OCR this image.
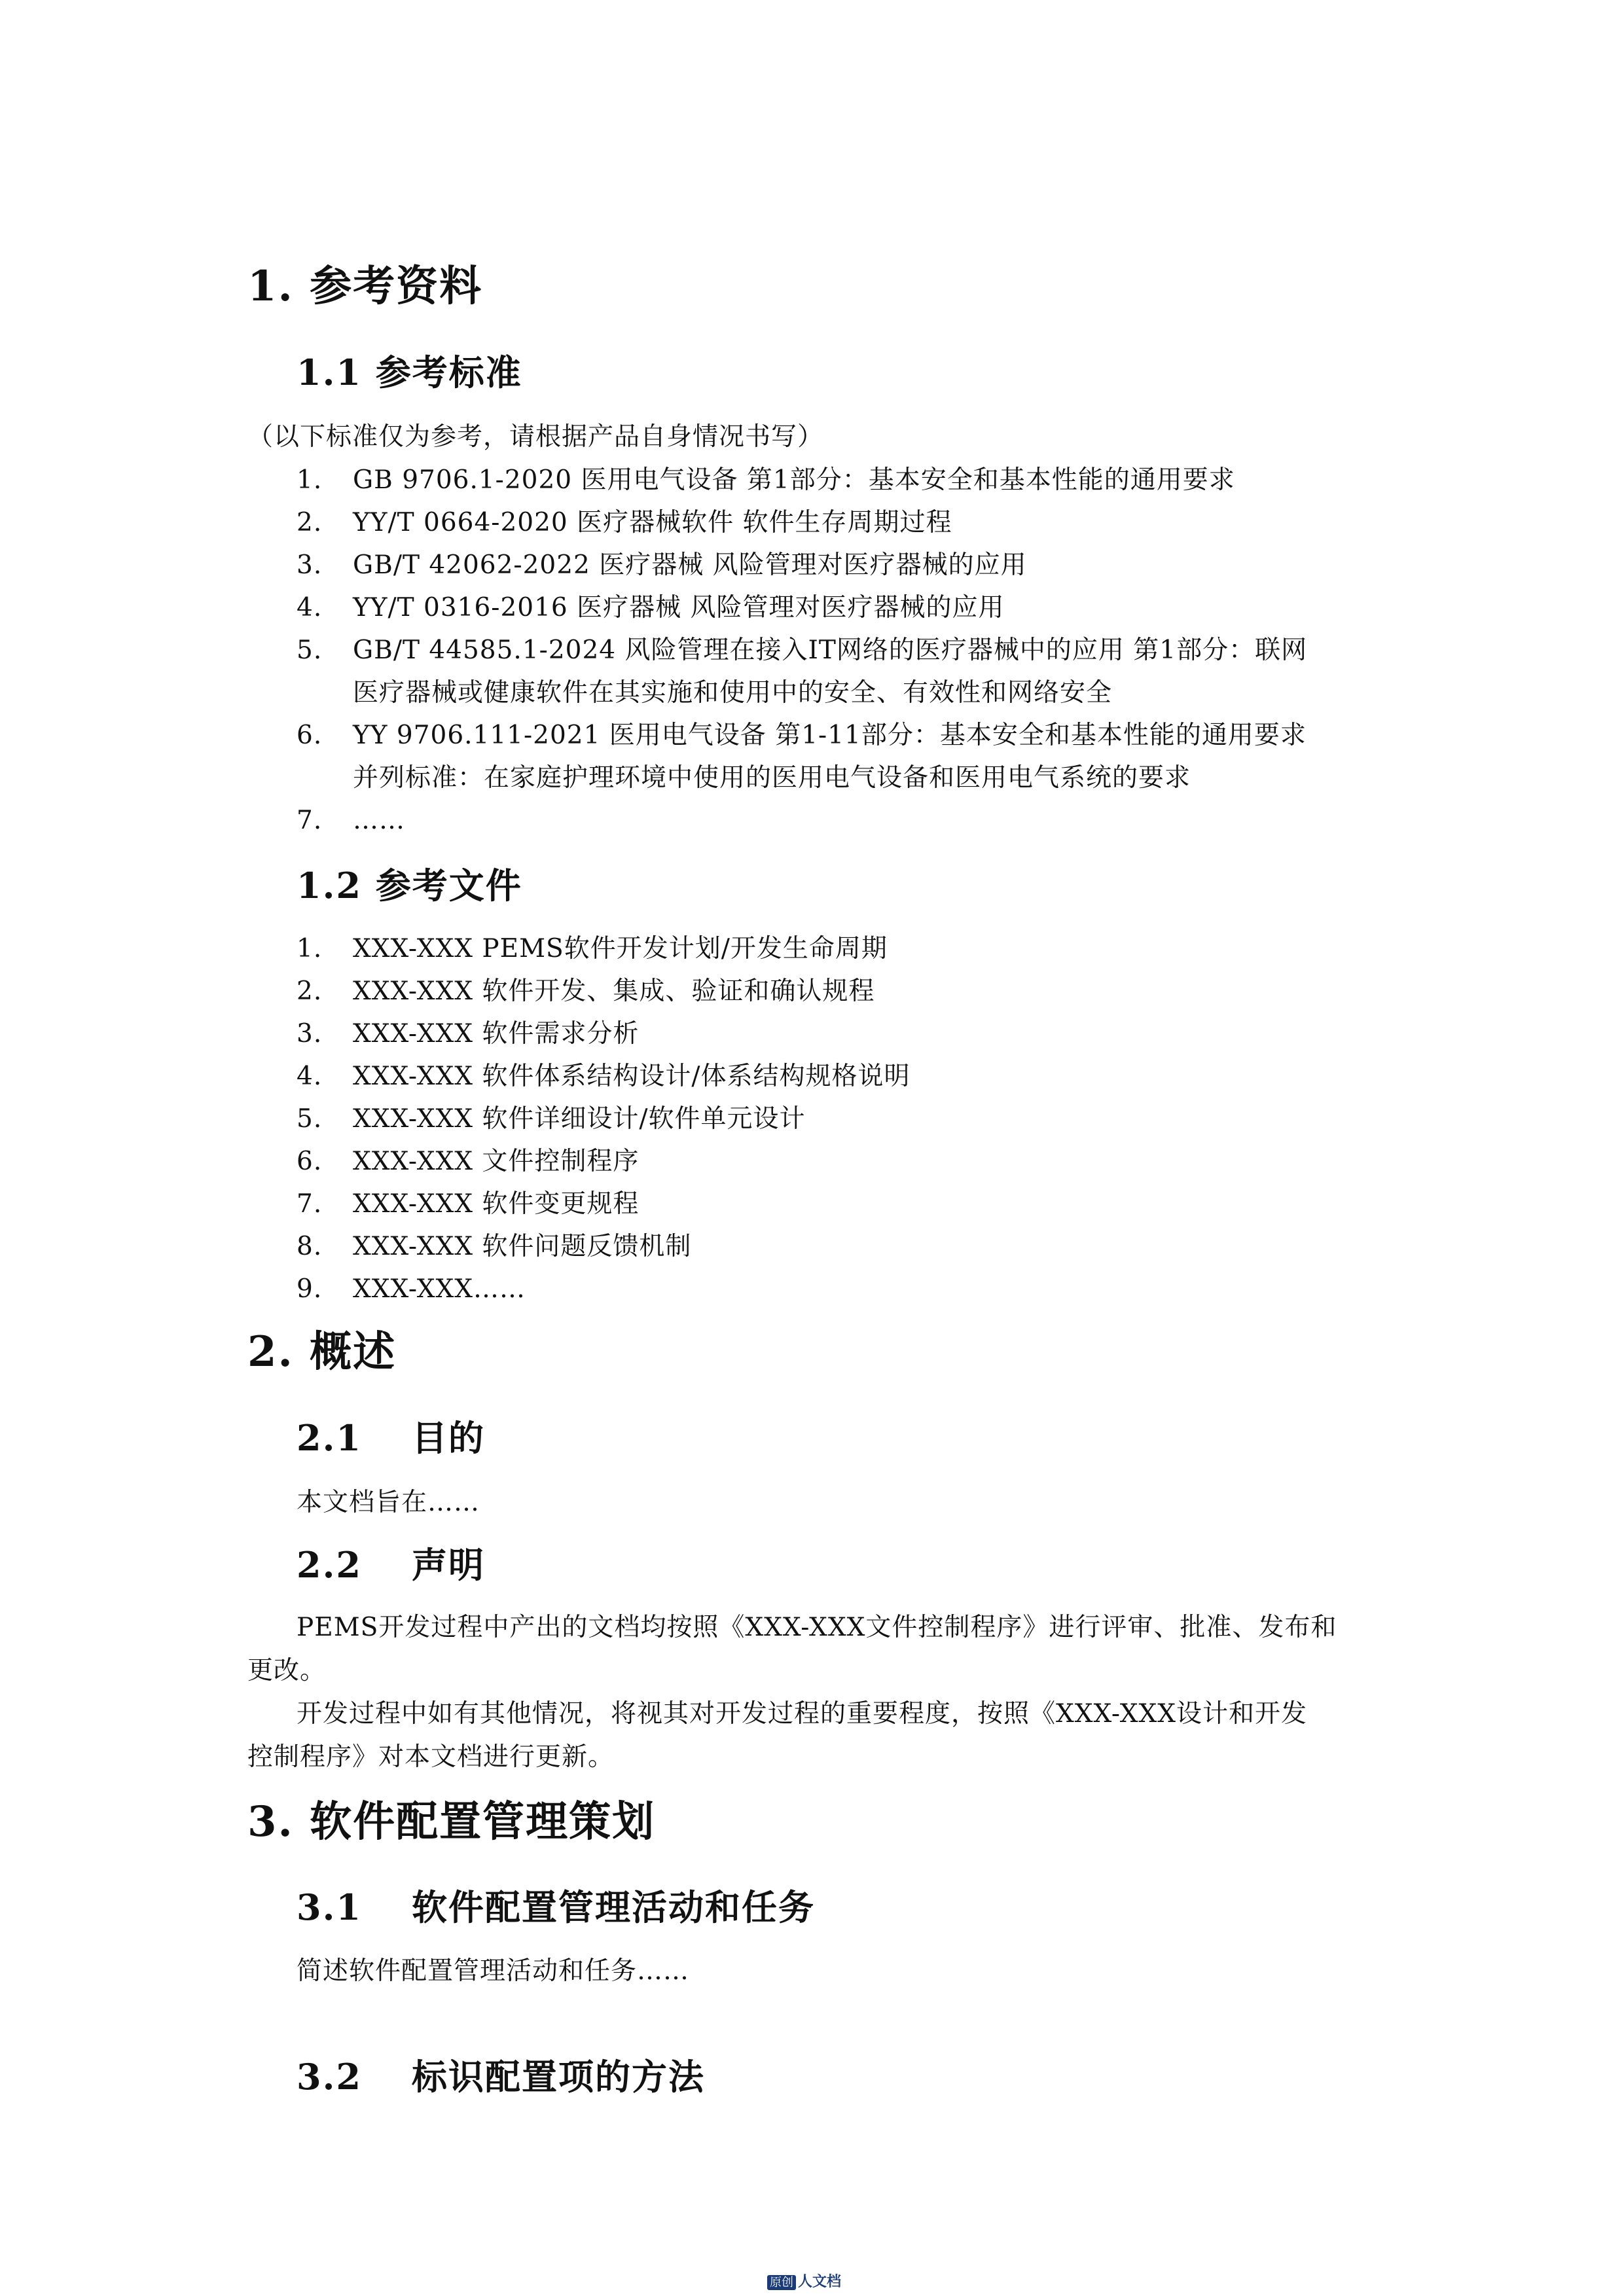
1. 参考资料
1.1 参考标准
（以下标准仅为参考，请根据产品自身情况书写）
1. GB 9706.1-2020 医用电气设备 第1部分：基本安全和基本性能的通用要求
2. YY/T 0664-2020 医疗器械软件 软件生存周期过程
3. GB/T 42062-2022 医疗器械 风险管理对医疗器械的应用
4. YY/T 0316-2016 医疗器械 风险管理对医疗器械的应用
5. GB/T 44585.1-2024 风险管理在接入IT网络的医疗器械中的应用 第1部分：联网
医疗器械或健康软件在其实施和使用中的安全、有效性和网络安全
6. YY 9706.111-2021 医用电气设备 第1-11部分：基本安全和基本性能的通用要求
并列标准：在家庭护理环境中使用的医用电气设备和医用电气系统的要求
7. ……
1.2 参考文件
1. XXX-XXX PEMS软件开发计划/开发生命周期
2. XXX-XXX 软件开发、集成、验证和确认规程
3. XXX-XXX 软件需求分析
4. XXX-XXX 软件体系结构设计/体系结构规格说明
5. XXX-XXX 软件详细设计/软件单元设计
6. XXX-XXX 文件控制程序
7. XXX-XXX 软件变更规程
8. XXX-XXX 软件问题反馈机制
9. XXX-XXX……
2. 概述
2.1 目的
本文档旨在……
2.2 声明
PEMS开发过程中产出的文档均按照《XXX-XXX文件控制程序》进行评审、批准、发布和
更改。
开发过程中如有其他情况，将视其对开发过程的重要程度，按照《XXX-XXX设计和开发
控制程序》对本文档进行更新。
3. 软件配置管理策划
3.1 软件配置管理活动和任务
简述软件配置管理活动和任务……
3.2 标识配置项的方法
原创 人文档
